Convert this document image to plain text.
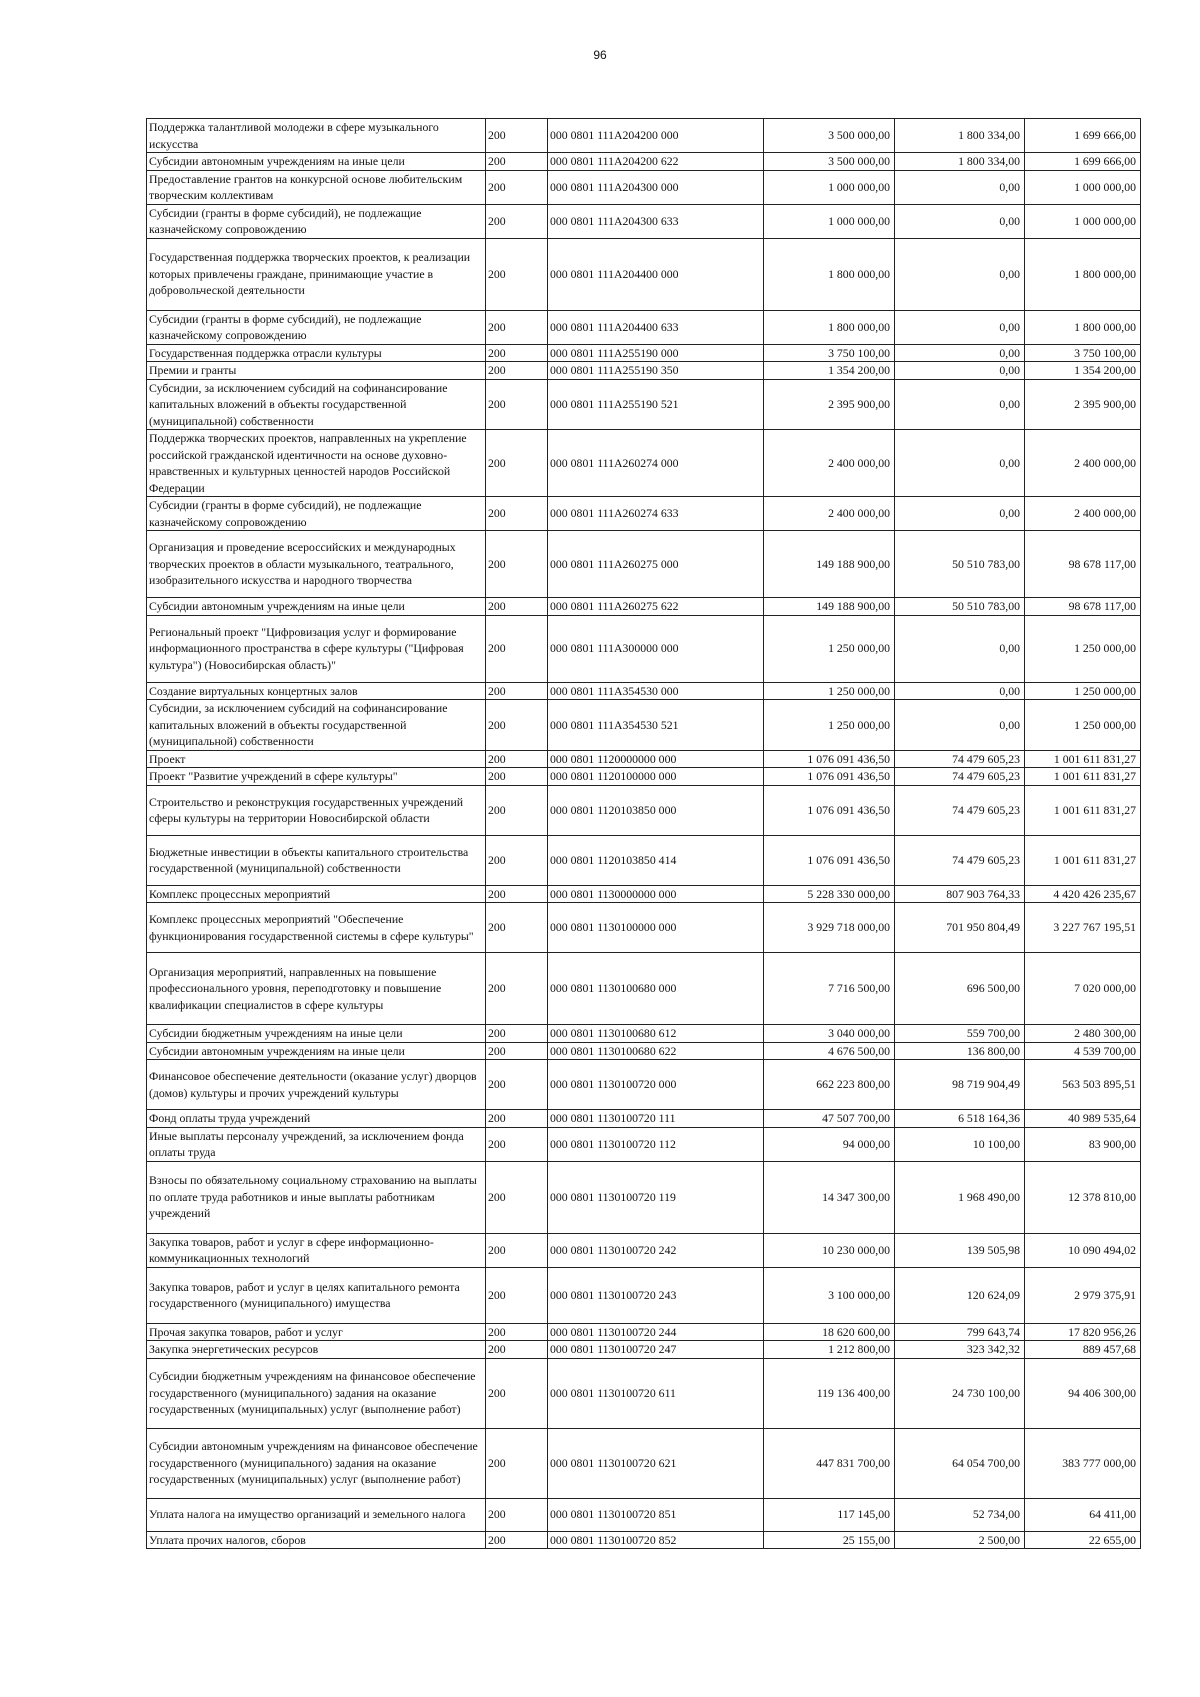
96
Поддержка талантливой молодежи в сфере музыкального искусства	200	000 0801 111A204200 000	3 500 000,00	1 800 334,00	1 699 666,00
Субсидии автономным учреждениям на иные цели	200	000 0801 111A204200 622	3 500 000,00	1 800 334,00	1 699 666,00
Предоставление грантов на конкурсной основе любительским творческим коллективам	200	000 0801 111A204300 000	1 000 000,00	0,00	1 000 000,00
Субсидии (гранты в форме субсидий), не подлежащие казначейскому сопровождению	200	000 0801 111A204300 633	1 000 000,00	0,00	1 000 000,00
Государственная поддержка творческих проектов, к реализации которых привлечены граждане, принимающие участие в добровольческой деятельности	200	000 0801 111A204400 000	1 800 000,00	0,00	1 800 000,00
Субсидии (гранты в форме субсидий), не подлежащие казначейскому сопровождению	200	000 0801 111A204400 633	1 800 000,00	0,00	1 800 000,00
Государственная поддержка отрасли культуры	200	000 0801 111A255190 000	3 750 100,00	0,00	3 750 100,00
Премии и гранты	200	000 0801 111A255190 350	1 354 200,00	0,00	1 354 200,00
Субсидии, за исключением субсидий на софинансирование капитальных вложений в объекты государственной (муниципальной) собственности	200	000 0801 111A255190 521	2 395 900,00	0,00	2 395 900,00
Поддержка творческих проектов, направленных на укрепление российской гражданской идентичности на основе духовно-нравственных и культурных ценностей народов Российской Федерации	200	000 0801 111A260274 000	2 400 000,00	0,00	2 400 000,00
Субсидии (гранты в форме субсидий), не подлежащие казначейскому сопровождению	200	000 0801 111A260274 633	2 400 000,00	0,00	2 400 000,00
Организация и проведение всероссийских и международных творческих проектов в области музыкального, театрального, изобразительного искусства и народного творчества	200	000 0801 111A260275 000	149 188 900,00	50 510 783,00	98 678 117,00
Субсидии автономным учреждениям на иные цели	200	000 0801 111A260275 622	149 188 900,00	50 510 783,00	98 678 117,00
Региональный проект "Цифровизация услуг и формирование информационного пространства в сфере культуры ("Цифровая культура") (Новосибирская область)"	200	000 0801 111A300000 000	1 250 000,00	0,00	1 250 000,00
Создание виртуальных концертных залов	200	000 0801 111A354530 000	1 250 000,00	0,00	1 250 000,00
Субсидии, за исключением субсидий на софинансирование капитальных вложений в объекты государственной (муниципальной) собственности	200	000 0801 111A354530 521	1 250 000,00	0,00	1 250 000,00
Проект	200	000 0801 1120000000 000	1 076 091 436,50	74 479 605,23	1 001 611 831,27
Проект "Развитие учреждений в сфере культуры"	200	000 0801 1120100000 000	1 076 091 436,50	74 479 605,23	1 001 611 831,27
Строительство и реконструкция государственных учреждений сферы культуры на территории Новосибирской области	200	000 0801 1120103850 000	1 076 091 436,50	74 479 605,23	1 001 611 831,27
Бюджетные инвестиции в объекты капитального строительства государственной (муниципальной) собственности	200	000 0801 1120103850 414	1 076 091 436,50	74 479 605,23	1 001 611 831,27
Комплекс процессных мероприятий	200	000 0801 1130000000 000	5 228 330 000,00	807 903 764,33	4 420 426 235,67
Комплекс процессных мероприятий "Обеспечение функционирования государственной системы в сфере культуры"	200	000 0801 1130100000 000	3 929 718 000,00	701 950 804,49	3 227 767 195,51
Организация мероприятий, направленных на повышение профессионального уровня, переподготовку и повышение квалификации специалистов в сфере культуры	200	000 0801 1130100680 000	7 716 500,00	696 500,00	7 020 000,00
Субсидии бюджетным учреждениям на иные цели	200	000 0801 1130100680 612	3 040 000,00	559 700,00	2 480 300,00
Субсидии автономным учреждениям на иные цели	200	000 0801 1130100680 622	4 676 500,00	136 800,00	4 539 700,00
Финансовое обеспечение деятельности (оказание услуг) дворцов (домов) культуры и прочих учреждений культуры	200	000 0801 1130100720 000	662 223 800,00	98 719 904,49	563 503 895,51
Фонд оплаты труда учреждений	200	000 0801 1130100720 111	47 507 700,00	6 518 164,36	40 989 535,64
Иные выплаты персоналу учреждений, за исключением фонда оплаты труда	200	000 0801 1130100720 112	94 000,00	10 100,00	83 900,00
Взносы по обязательному социальному страхованию на выплаты по оплате труда работников и иные выплаты работникам учреждений	200	000 0801 1130100720 119	14 347 300,00	1 968 490,00	12 378 810,00
Закупка товаров, работ и услуг в сфере информационно-коммуникационных технологий	200	000 0801 1130100720 242	10 230 000,00	139 505,98	10 090 494,02
Закупка товаров, работ и услуг в целях капитального ремонта государственного (муниципального) имущества	200	000 0801 1130100720 243	3 100 000,00	120 624,09	2 979 375,91
Прочая закупка товаров, работ и услуг	200	000 0801 1130100720 244	18 620 600,00	799 643,74	17 820 956,26
Закупка энергетических ресурсов	200	000 0801 1130100720 247	1 212 800,00	323 342,32	889 457,68
Субсидии бюджетным учреждениям на финансовое обеспечение государственного (муниципального) задания на оказание государственных (муниципальных) услуг (выполнение работ)	200	000 0801 1130100720 611	119 136 400,00	24 730 100,00	94 406 300,00
Субсидии автономным учреждениям на финансовое обеспечение государственного (муниципального) задания на оказание государственных (муниципальных) услуг (выполнение работ)	200	000 0801 1130100720 621	447 831 700,00	64 054 700,00	383 777 000,00
Уплата налога на имущество организаций и земельного налога	200	000 0801 1130100720 851	117 145,00	52 734,00	64 411,00
Уплата прочих налогов, сборов	200	000 0801 1130100720 852	25 155,00	2 500,00	22 655,00
